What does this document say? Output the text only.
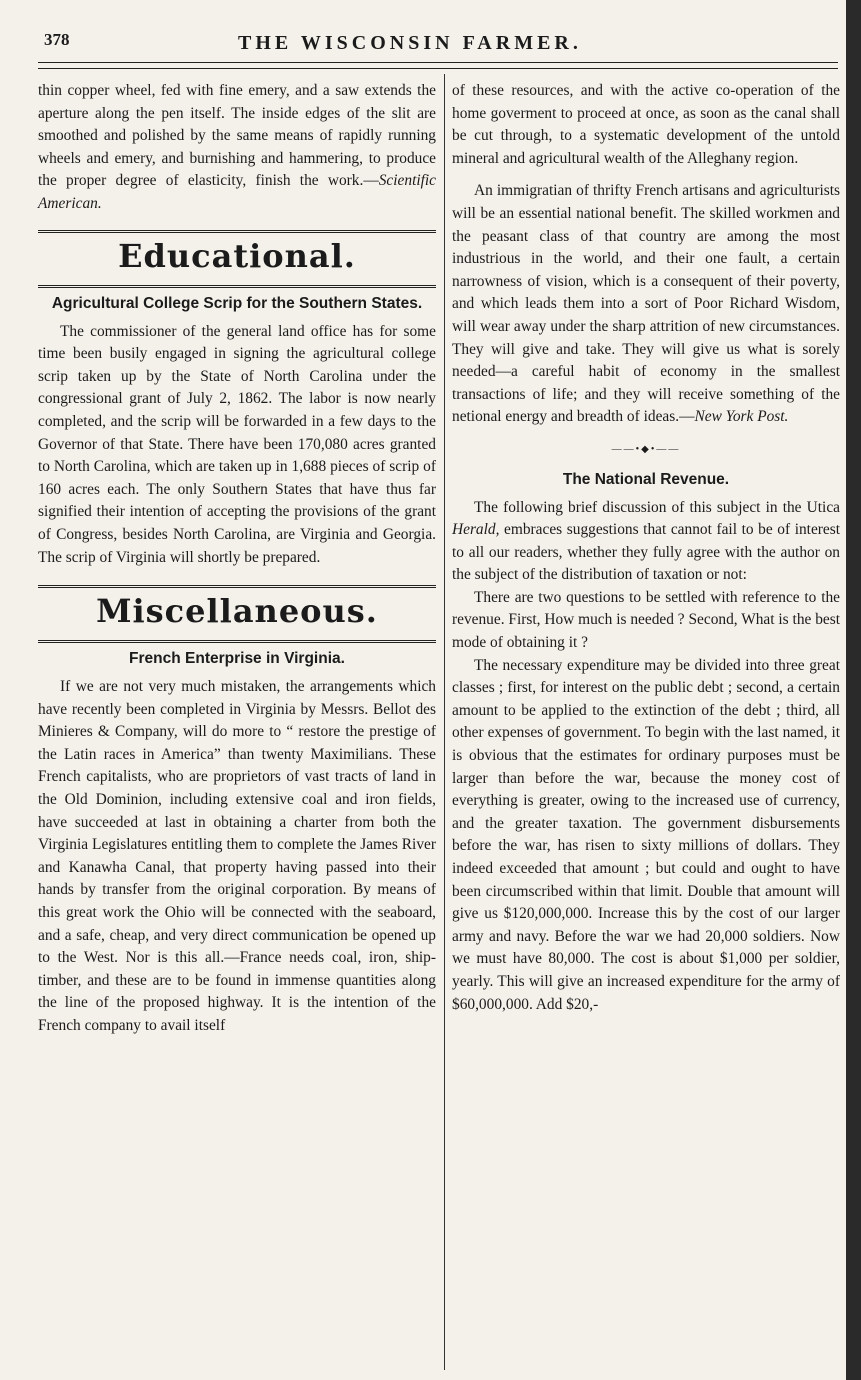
378	THE WISCONSIN FARMER.

thin copper wheel, fed with fine emery, and a saw extends the aperture along the pen itself. The inside edges of the slit are smoothed and polished by the same means of rapidly running wheels and emery, and burnishing and hammering, to produce the proper degree of elasticity, finish the work.—Scientific American.

Educational.
Agricultural College Scrip for the Southern States.

The commissioner of the general land office has for some time been busily engaged in signing the agricultural college scrip taken up by the State of North Carolina under the congressional grant of July 2, 1862. The labor is now nearly completed, and the scrip will be forwarded in a few days to the Governor of that State. There have been 170,080 acres granted to North Carolina, which are taken up in 1,688 pieces of scrip of 160 acres each. The only Southern States that have thus far signified their intention of accepting the provisions of the grant of Congress, besides North Carolina, are Virginia and Georgia. The scrip of Virginia will shortly be prepared.

Miscellaneous.
French Enterprise in Virginia.

If we are not very much mistaken, the arrangements which have recently been completed in Virginia by Messrs. Bellot des Minieres & Company, will do more to “ restore the prestige of the Latin races in America” than twenty Maximilians. These French capitalists, who are proprietors of vast tracts of land in the Old Dominion, including extensive coal and iron fields, have succeeded at last in obtaining a charter from both the Virginia Legislatures entitling them to complete the James River and Kanawha Canal, that property having passed into their hands by transfer from the original corporation. By means of this great work the Ohio will be connected with the seaboard, and a safe, cheap, and very direct communication be opened up to the West. Nor is this all.—France needs coal, iron, ship-timber, and these are to be found in immense quantities along the line of the proposed highway. It is the intention of the French company to avail itself

of these resources, and with the active co-operation of the home goverment to proceed at once, as soon as the canal shall be cut through, to a systematic development of the untold mineral and agricultural wealth of the Alleghany region.

An immigratian of thrifty French artisans and agriculturists will be an essential national benefit. The skilled workmen and the peasant class of that country are among the most industrious in the world, and their one fault, a certain narrowness of vision, which is a consequent of their poverty, and which leads them into a sort of Poor Richard Wisdom, will wear away under the sharp attrition of new circumstances. They will give and take. They will give us what is sorely needed—a careful habit of economy in the smallest transactions of life; and they will receive something of the netional energy and breadth of ideas.—New York Post.

——•◆•——
The National Revenue.

The following brief discussion of this subject in the Utica Herald, embraces suggestions that cannot fail to be of interest to all our readers, whether they fully agree with the author on the subject of the distribution of taxation or not:

There are two questions to be settled with reference to the revenue. First, How much is needed ? Second, What is the best mode of obtaining it ?

The necessary expenditure may be divided into three great classes ; first, for interest on the public debt ; second, a certain amount to be applied to the extinction of the debt ; third, all other expenses of government. To begin with the last named, it is obvious that the estimates for ordinary purposes must be larger than before the war, because the money cost of everything is greater, owing to the increased use of currency, and the greater taxation. The government disbursements before the war, has risen to sixty millions of dollars. They indeed exceeded that amount ; but could and ought to have been circumscribed within that limit. Double that amount will give us $120,000,000. Increase this by the cost of our larger army and navy. Before the war we had 20,000 soldiers. Now we must have 80,000. The cost is about $1,000 per soldier, yearly. This will give an increased expenditure for the army of $60,000,000. Add $20,-
